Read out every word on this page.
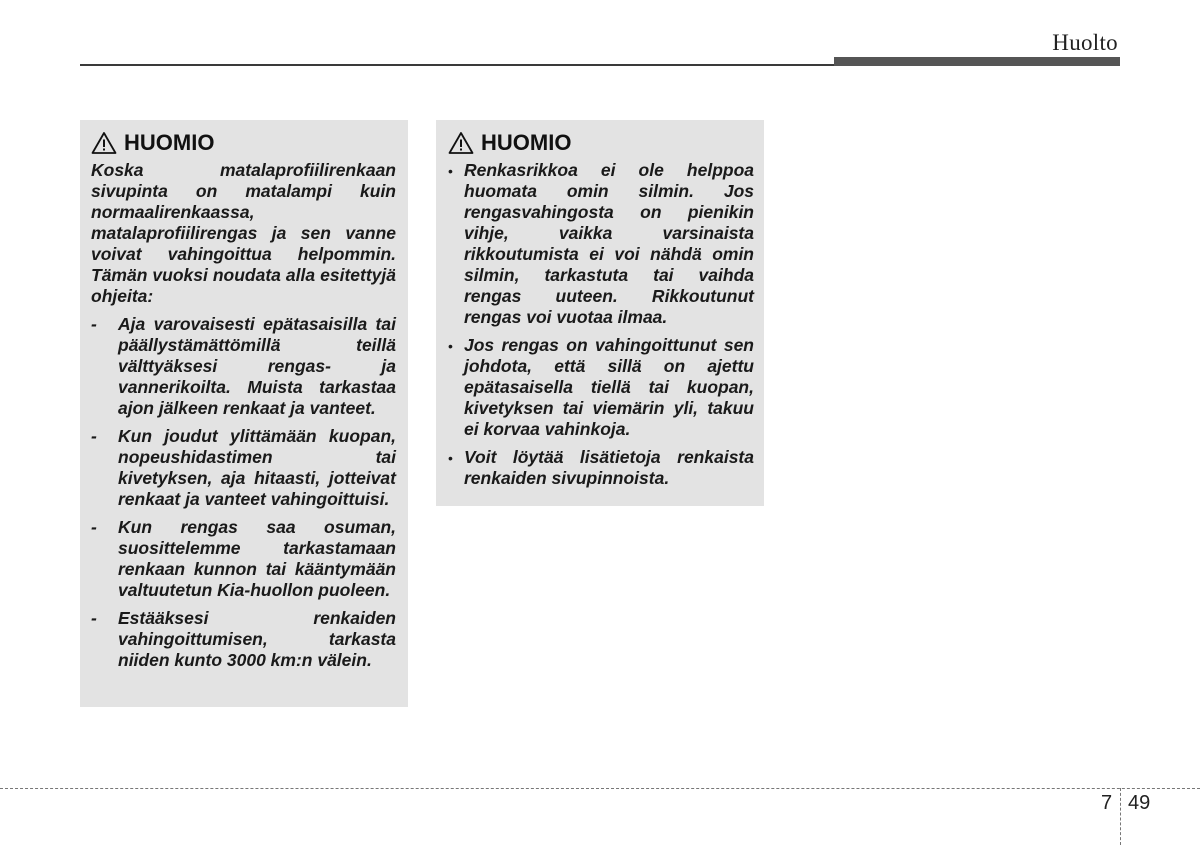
Huolto
HUOMIO

Koska matalaprofiilirenkaan sivupinta on matalampi kuin normaalirenkaassa, matalaprofiilirengas ja sen vanne voivat vahingoittua helpommin. Tämän vuoksi noudata alla esitettyjä ohjeita:

-	Aja varovaisesti epätasaisilla tai päällystämättömillä teillä välttyäksesi rengas- ja vannerikoilta. Muista tarkastaa ajon jälkeen renkaat ja vanteet.
-	Kun joudut ylittämään kuopan, nopeushidastimen tai kivetyksen, aja hitaasti, jotteivat renkaat ja vanteet vahingoittuisi.
-	Kun rengas saa osuman, suosittelemme tarkastamaan renkaan kunnon tai kääntymään valtuutetun Kia-huollon puoleen.
-	Estääksesi renkaiden vahingoittumisen, tarkasta niiden kunto 3000 km:n välein.
HUOMIO
• Renkasrikkoa ei ole helppoa huomata omin silmin. Jos rengasvahingosta on pienikin vihje, vaikka varsinaista rikkoutumista ei voi nähdä omin silmin, tarkastuta tai vaihda rengas uuteen. Rikkoutunut rengas voi vuotaa ilmaa.
• Jos rengas on vahingoittunut sen johdota, että sillä on ajettu epätasaisella tiellä tai kuopan, kivetyksen tai viemärin yli, takuu ei korvaa vahinkoja.
• Voit löytää lisätietoja renkaista renkaiden sivupinnoista.
7 49
